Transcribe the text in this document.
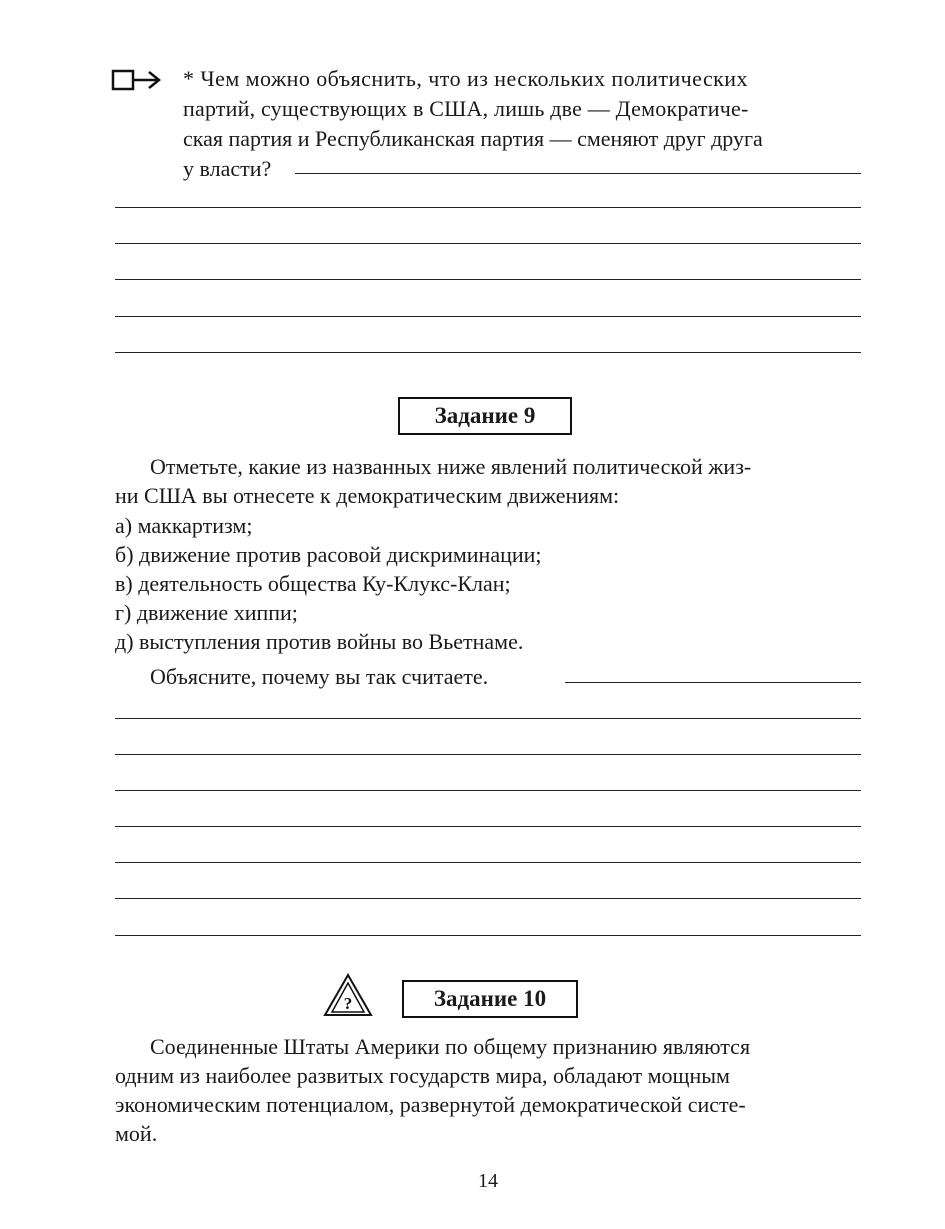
* Чем можно объяснить, что из нескольких политических
партий, существующих в США, лишь две — Демократиче-
ская партия и Республиканская партия — сменяют друг друга
у власти?
Задание 9
Отметьте, какие из названных ниже явлений политической жиз-
ни США вы отнесете к демократическим движениям:
а) маккартизм;
б) движение против расовой дискриминации;
в) деятельность общества Ку-Клукс-Клан;
г) движение хиппи;
д) выступления против войны во Вьетнаме.
Объясните, почему вы так считаете.
?	Задание 10
Соединенные Штаты Америки по общему признанию являются
одним из наиболее развитых государств мира, обладают мощным
экономическим потенциалом, развернутой демократической систе-
мой.
14
